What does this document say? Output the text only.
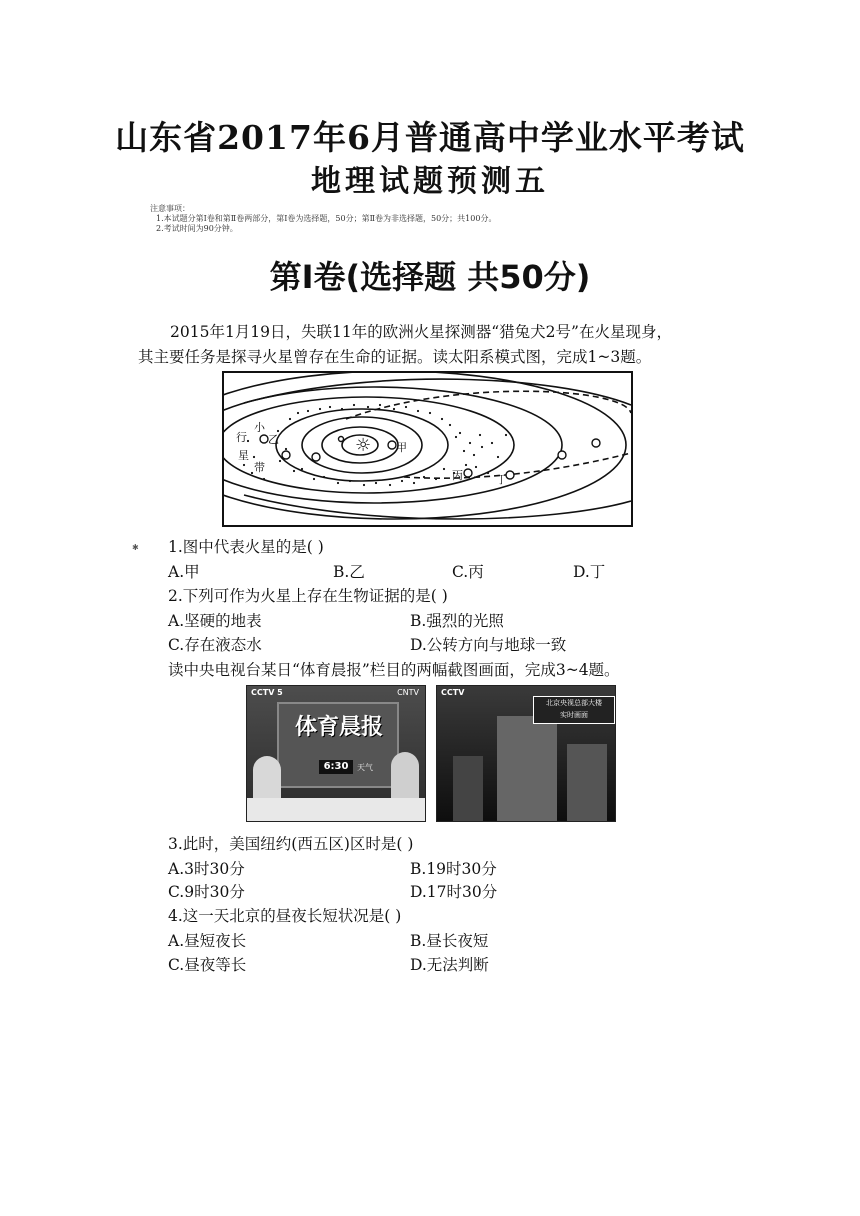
山东省2017年6月普通高中学业水平考试
地理试题预测五
注意事项：
1.本试题分第Ⅰ卷和第Ⅱ卷两部分，第Ⅰ卷为选择题，50分；第Ⅱ卷为非选择题，50分；共100分。
2.考试时间为90分钟。
第Ⅰ卷(选择题 共50分)
2015年1月19日，失联11年的欧洲火星探测器“猎兔犬2号”在火星现身，
其主要任务是探寻火星曾存在生命的证据。读太阳系模式图，完成1~3题。
☼ 甲
小
行
星
带
乙
丙	丁
✱ 1.图中代表火星的是( )
A.甲	B.乙	C.丙	D.丁
2.下列可作为火星上存在生物证据的是( )
A.坚硬的地表	B.强烈的光照
C.存在液态水	D.公转方向与地球一致
读中央电视台某日“体育晨报”栏目的两幅截图画面，完成3~4题。
CCTV 5	CNTV
体育晨报
6:30	天气
CCTV
北京央视总部大楼
实时画面
3.此时，美国纽约(西五区)区时是( )
A.3时30分	B.19时30分
C.9时30分	D.17时30分
4.这一天北京的昼夜长短状况是( )
A.昼短夜长	B.昼长夜短
C.昼夜等长	D.无法判断
